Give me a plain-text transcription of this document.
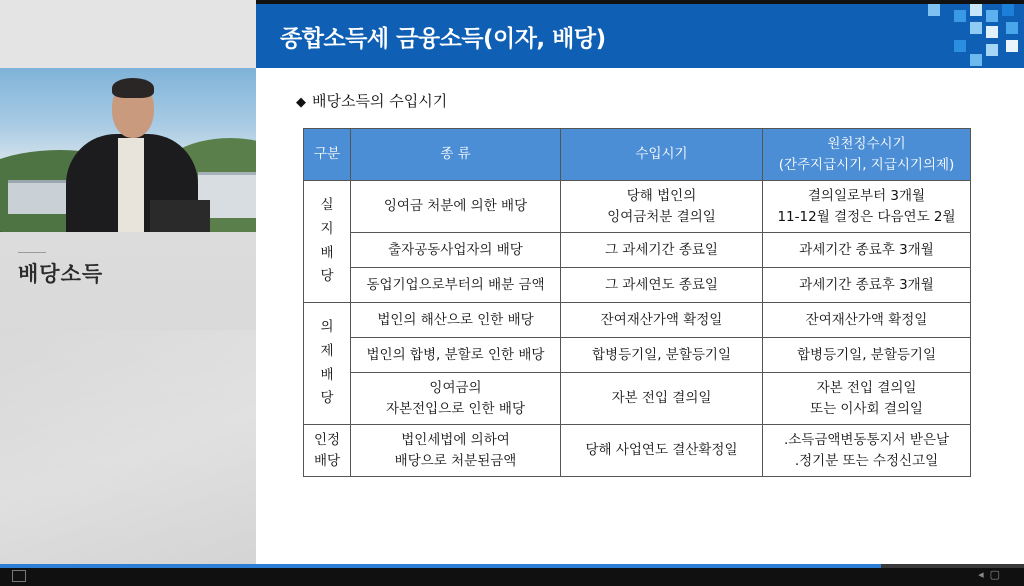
배당소득
종합소득세 금융소득(이자, 배당)
◆ 배당소득의 수입시기
구분	종 류	수입시기	원천징수시기
(간주지급시기, 지급시기의제)
실
지
배
당	잉여금 처분에 의한 배당	당해 법인의
잉여금처분 결의일	결의일로부터 3개월
11-12월 결정은 다음연도 2월
	출자공동사업자의 배당	그 과세기간 종료일	과세기간 종료후 3개월
	동업기업으로부터의 배분 금액	그 과세연도 종료일	과세기간 종료후 3개월
의
제
배
당	법인의 해산으로 인한 배당	잔여재산가액 확정일	잔여재산가액 확정일
	법인의 합병, 분할로 인한 배당	합병등기일, 분할등기일	합병등기일, 분할등기일
	잉여금의
자본전입으로 인한 배당	자본 전입 결의일	자본 전입 결의일
또는 이사회 결의일
인정
배당	법인세법에 의하여
배당으로 처분된금액	당해 사업연도 결산확정일	.소득금액변동통지서 받은날
.정기분 또는 수정신고일
◂▢
